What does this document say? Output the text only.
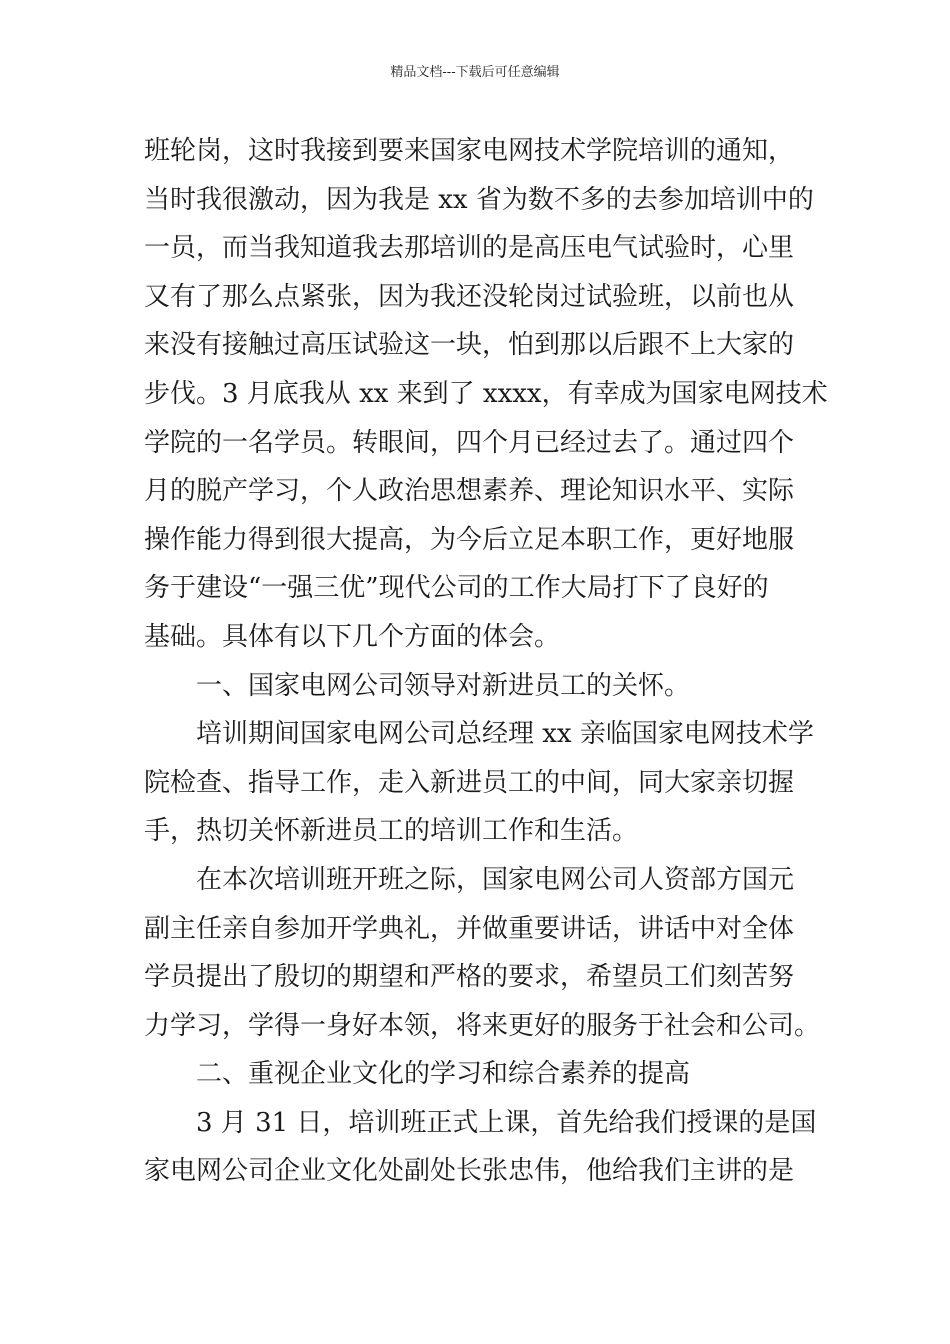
精品文档---下载后可任意编辑
班轮岗，这时我接到要来国家电网技术学院培训的通知，
当时我很激动，因为我是 xx 省为数不多的去参加培训中的
一员，而当我知道我去那培训的是高压电气试验时，心里
又有了那么点紧张，因为我还没轮岗过试验班，以前也从
来没有接触过高压试验这一块，怕到那以后跟不上大家的
步伐。3 月底我从 xx 来到了 xxxx，有幸成为国家电网技术
学院的一名学员。转眼间，四个月已经过去了。通过四个
月的脱产学习，个人政治思想素养、理论知识水平、实际
操作能力得到很大提高，为今后立足本职工作，更好地服
务于建设“一强三优”现代公司的工作大局打下了良好的
基础。具体有以下几个方面的体会。
一、国家电网公司领导对新进员工的关怀。
培训期间国家电网公司总经理 xx 亲临国家电网技术学
院检查、指导工作，走入新进员工的中间，同大家亲切握
手，热切关怀新进员工的培训工作和生活。
在本次培训班开班之际，国家电网公司人资部方国元
副主任亲自参加开学典礼，并做重要讲话，讲话中对全体
学员提出了殷切的期望和严格的要求，希望员工们刻苦努
力学习，学得一身好本领，将来更好的服务于社会和公司。
二、重视企业文化的学习和综合素养的提高
3 月 31 日，培训班正式上课，首先给我们授课的是国
家电网公司企业文化处副处长张忠伟，他给我们主讲的是
